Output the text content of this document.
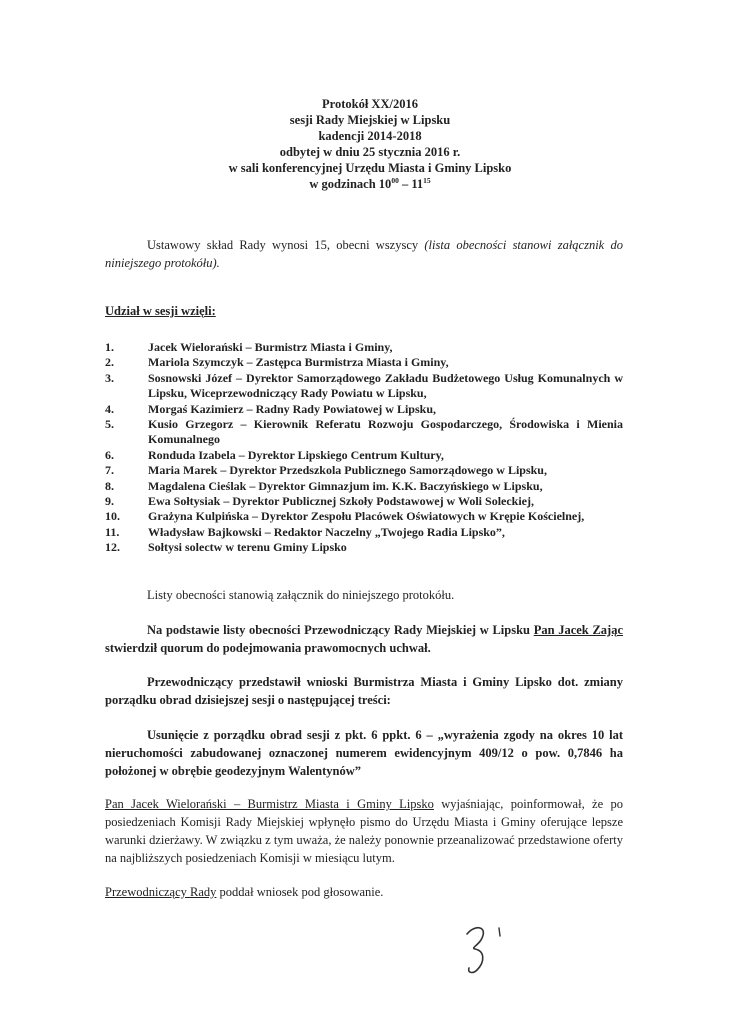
Protokół XX/2016
sesji Rady Miejskiej w Lipsku
kadencji 2014-2018
odbytej w dniu 25 stycznia 2016 r.
w sali konferencyjnej Urzędu Miasta i Gminy Lipsko
w godzinach $10^{00} - 11^{15}$
Ustawowy skład Rady wynosi 15, obecni wszyscy (lista obecności stanowi załącznik do niniejszego protokółu).
Udział w sesji wzięli:
1.	Jacek Wielorański – Burmistrz Miasta i Gminy,
2.	Mariola Szymczyk – Zastępca Burmistrza Miasta i Gminy,
3.	Sosnowski Józef – Dyrektor Samorządowego Zakładu Budżetowego Usług Komunalnych w Lipsku, Wiceprzewodniczący Rady Powiatu w Lipsku,
4.	Morgaś Kazimierz – Radny Rady Powiatowej w Lipsku,
5.	Kusio Grzegorz – Kierownik Referatu Rozwoju Gospodarczego, Środowiska i Mienia Komunalnego
6.	Ronduda Izabela – Dyrektor Lipskiego Centrum Kultury,
7.	Maria Marek – Dyrektor Przedszkola Publicznego Samorządowego w Lipsku,
8.	Magdalena Cieślak – Dyrektor Gimnazjum im. K.K. Baczyńskiego w Lipsku,
9.	Ewa Sołtysiak – Dyrektor Publicznej Szkoły Podstawowej w Woli Soleckiej,
10.	Grażyna Kulpińska – Dyrektor Zespołu Placówek Oświatowych w Krępie Kościelnej,
11.	Władysław Bajkowski – Redaktor Naczelny „Twojego Radia Lipsko”,
12.	Sołtysi solectw w terenu Gminy Lipsko
Listy obecności stanowią załącznik do niniejszego protokółu.
Na podstawie listy obecności Przewodniczący Rady Miejskiej w Lipsku Pan Jacek Zając stwierdził quorum do podejmowania prawomocnych uchwał.
Przewodniczący przedstawił wnioski Burmistrza Miasta i Gminy Lipsko dot. zmiany porządku obrad dzisiejszej sesji o następującej treści:
Usunięcie z porządku obrad sesji z pkt. 6 ppkt. 6 – „wyrażenia zgody na okres 10 lat nieruchomości zabudowanej oznaczonej numerem ewidencyjnym 409/12 o pow. 0,7846 ha położonej w obrębie geodezyjnym Walentynów”
Pan Jacek Wielorański – Burmistrz Miasta i Gminy Lipsko wyjaśniając, poinformował, że po posiedzeniach Komisji Rady Miejskiej wpłynęło pismo do Urzędu Miasta i Gminy oferujące lepsze warunki dzierżawy. W związku z tym uważa, że należy ponownie przeanalizować przedstawione oferty na najbliższych posiedzeniach Komisji w miesiącu lutym.
Przewodniczący Rady poddał wniosek pod głosowanie.
